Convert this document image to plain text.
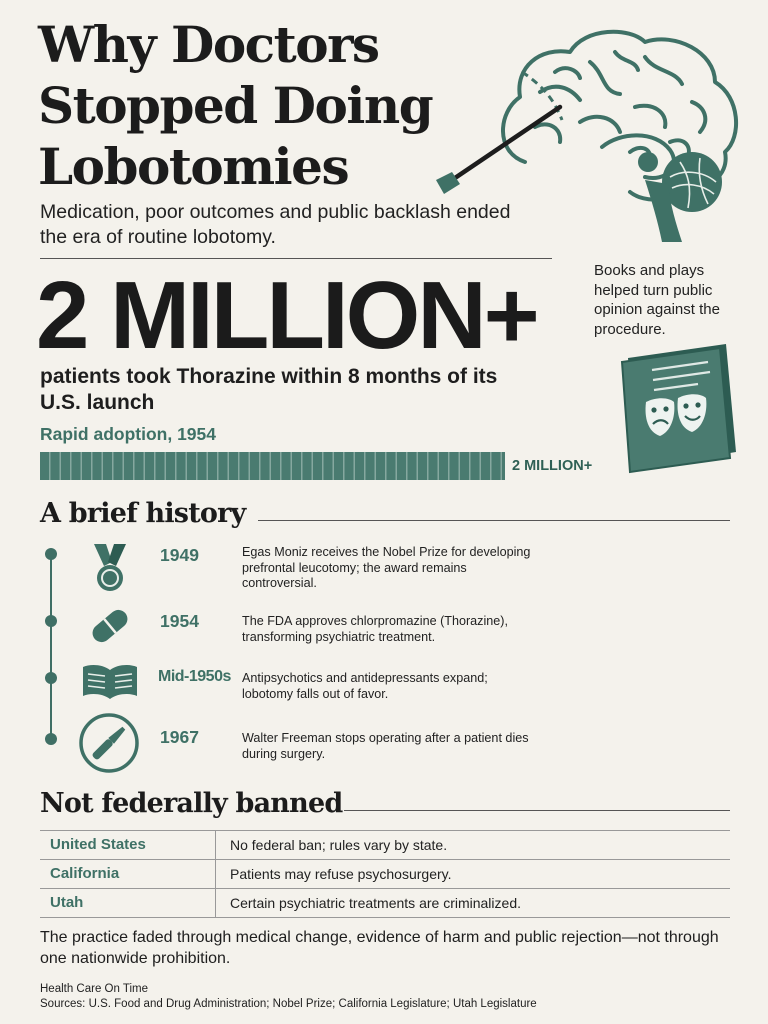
Why Doctors Stopped Doing Lobotomies

Medication, poor outcomes and public backlash ended the era of routine lobotomy.

2 MILLION+

patients took Thorazine within 8 months of its U.S. launch

Rapid adoption, 1954
2 MILLION+

Books and plays helped turn public opinion against the procedure.

A brief history
1949	Egas Moniz receives the Nobel Prize for developing prefrontal leucotomy; the award remains controversial.
1954	The FDA approves chlorpromazine (Thorazine), transforming psychiatric treatment.
Mid-1950s Antipsychotics and antidepressants expand; lobotomy falls out of favor.
1967	Walter Freeman stops operating after a patient dies during surgery.
Not federally banned
United States	No federal ban; rules vary by state.
California	Patients may refuse psychosurgery.
Utah	Certain psychiatric treatments are criminalized.

The practice faded through medical change, evidence of harm and public rejection—not through one nationwide prohibition.

Health Care On Time
Sources: U.S. Food and Drug Administration; Nobel Prize; California Legislature; Utah Legislature
